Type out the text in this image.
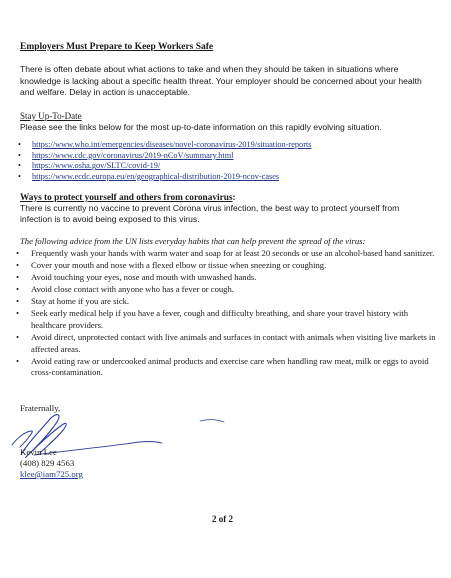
Employers Must Prepare to Keep Workers Safe
There is often debate about what actions to take and when they should be taken in situations where knowledge is lacking about a specific health threat. Your employer should be concerned about your health and welfare. Delay in action is unacceptable.
Stay Up-To-Date
Please see the links below for the most up-to-date information on this rapidly evolving situation.
• https://www.who.int/emergencies/diseases/novel-coronavirus-2019/situation-reports
• https://www.cdc.gov/coronavirus/2019-nCoV/summary.html
• https://www.osha.gov/SLTC/covid-19/
• https://www.ecdc.europa.eu/en/geographical-distribution-2019-ncov-cases
Ways to protect yourself and others from coronavirus:
There is currently no vaccine to prevent Corona virus infection, the best way to protect yourself from infection is to avoid being exposed to this virus.
The following advice from the UN lists everyday habits that can help prevent the spread of the virus:
• Frequently wash your hands with warm water and soap for at least 20 seconds or use an alcohol-based hand sanitizer.
• Cover your mouth and nose with a flexed elbow or tissue when sneezing or coughing.
• Avoid touching your eyes, nose and mouth with unwashed hands.
• Avoid close contact with anyone who has a fever or cough.
• Stay at home if you are sick.
• Seek early medical help if you have a fever, cough and difficulty breathing, and share your travel history with healthcare providers.
• Avoid direct, unprotected contact with live animals and surfaces in contact with animals when visiting live markets in affected areas.
• Avoid eating raw or undercooked animal products and exercise care when handling raw meat, milk or eggs to avoid cross-contamination.
Fraternally,
Kevin Lee
(408) 829 4563
klee@iam725.org
2 of 2
